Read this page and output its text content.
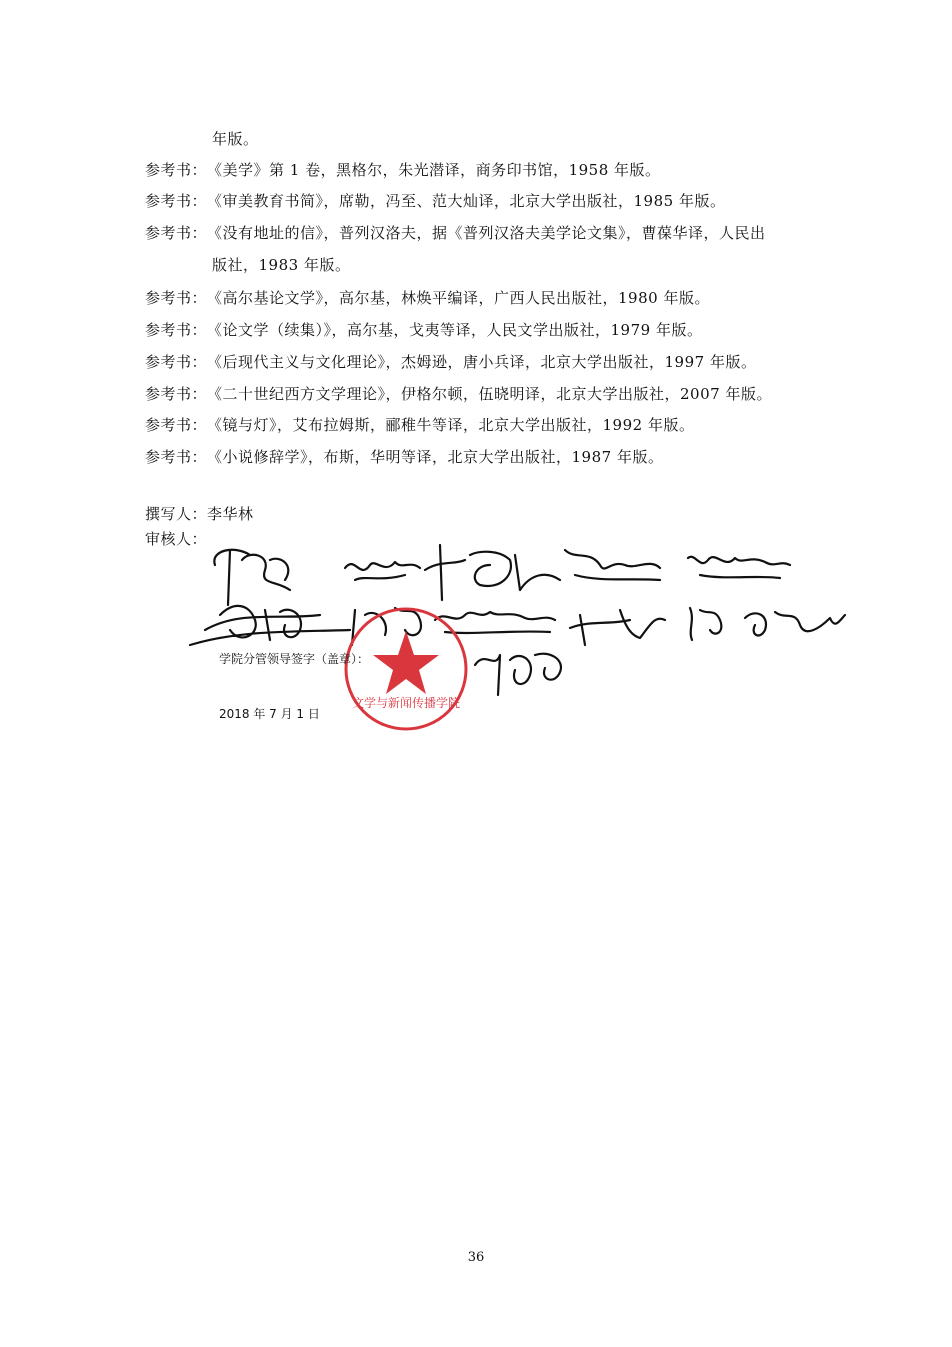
年版。
参考书：《美学》第 1 卷，黑格尔，朱光潜译，商务印书馆，1958 年版。
参考书：《审美教育书简》，席勒，冯至、范大灿译，北京大学出版社，1985 年版。
参考书：《没有地址的信》，普列汉洛夫，据《普列汉洛夫美学论文集》，曹葆华译，人民出
版社，1983 年版。
参考书：《高尔基论文学》，高尔基，林焕平编译，广西人民出版社，1980 年版。
参考书：《论文学（续集）》，高尔基，戈夷等译，人民文学出版社，1979 年版。
参考书：《后现代主义与文化理论》，杰姆逊，唐小兵译，北京大学出版社，1997 年版。
参考书：《二十世纪西方文学理论》，伊格尔顿，伍晓明译，北京大学出版社，2007 年版。
参考书：《镜与灯》，艾布拉姆斯，郦稚牛等译，北京大学出版社，1992 年版。
参考书：《小说修辞学》，布斯，华明等译，北京大学出版社，1987 年版。
撰写人：李华林
审核人：
文学与新闻传播学院
学院分管领导签字（盖章）：
2018 年 7 月 1 日
36
